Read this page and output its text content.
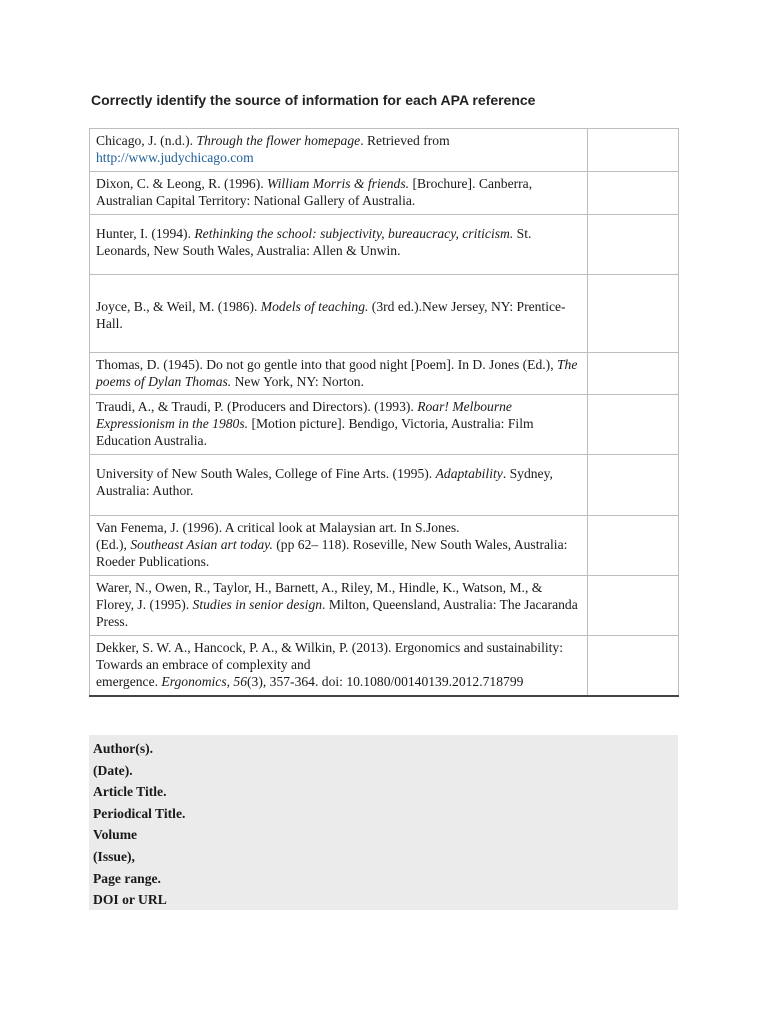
Correctly identify the source of information for each APA reference
Chicago, J. (n.d.). Through the flower homepage. Retrieved from
http://www.judychicago.com	
Dixon, C. & Leong, R. (1996). William Morris & friends. [Brochure]. Canberra, Australian Capital Territory: National Gallery of Australia.	
Hunter, I. (1994). Rethinking the school: subjectivity, bureaucracy, criticism. St. Leonards, New South Wales, Australia: Allen & Unwin.	
Joyce, B., & Weil, M. (1986). Models of teaching. (3rd ed.).New Jersey, NY: Prentice-Hall.	
Thomas, D. (1945). Do not go gentle into that good night [Poem]. In D. Jones (Ed.), The poems of Dylan Thomas. New York, NY: Norton.	
Traudi, A., & Traudi, P. (Producers and Directors). (1993). Roar! Melbourne Expressionism in the 1980s. [Motion picture]. Bendigo, Victoria, Australia: Film Education Australia.	
University of New South Wales, College of Fine Arts. (1995). Adaptability. Sydney, Australia: Author.	
Van Fenema, J. (1996). A critical look at Malaysian art. In S.Jones.
(Ed.), Southeast Asian art today. (pp 62– 118). Roseville, New South Wales, Australia: Roeder Publications.	
Warer, N., Owen, R., Taylor, H., Barnett, A., Riley, M., Hindle, K., Watson, M., & Florey, J. (1995). Studies in senior design. Milton, Queensland, Australia: The Jacaranda Press.	
Dekker, S. W. A., Hancock, P. A., & Wilkin, P. (2013). Ergonomics and sustainability: Towards an embrace of complexity and
emergence. Ergonomics, 56(3), 357-364. doi: 10.1080/00140139.2012.718799	
Author(s).
(Date).
Article Title.
Periodical Title.
Volume
(Issue),
Page range.
DOI or URL
